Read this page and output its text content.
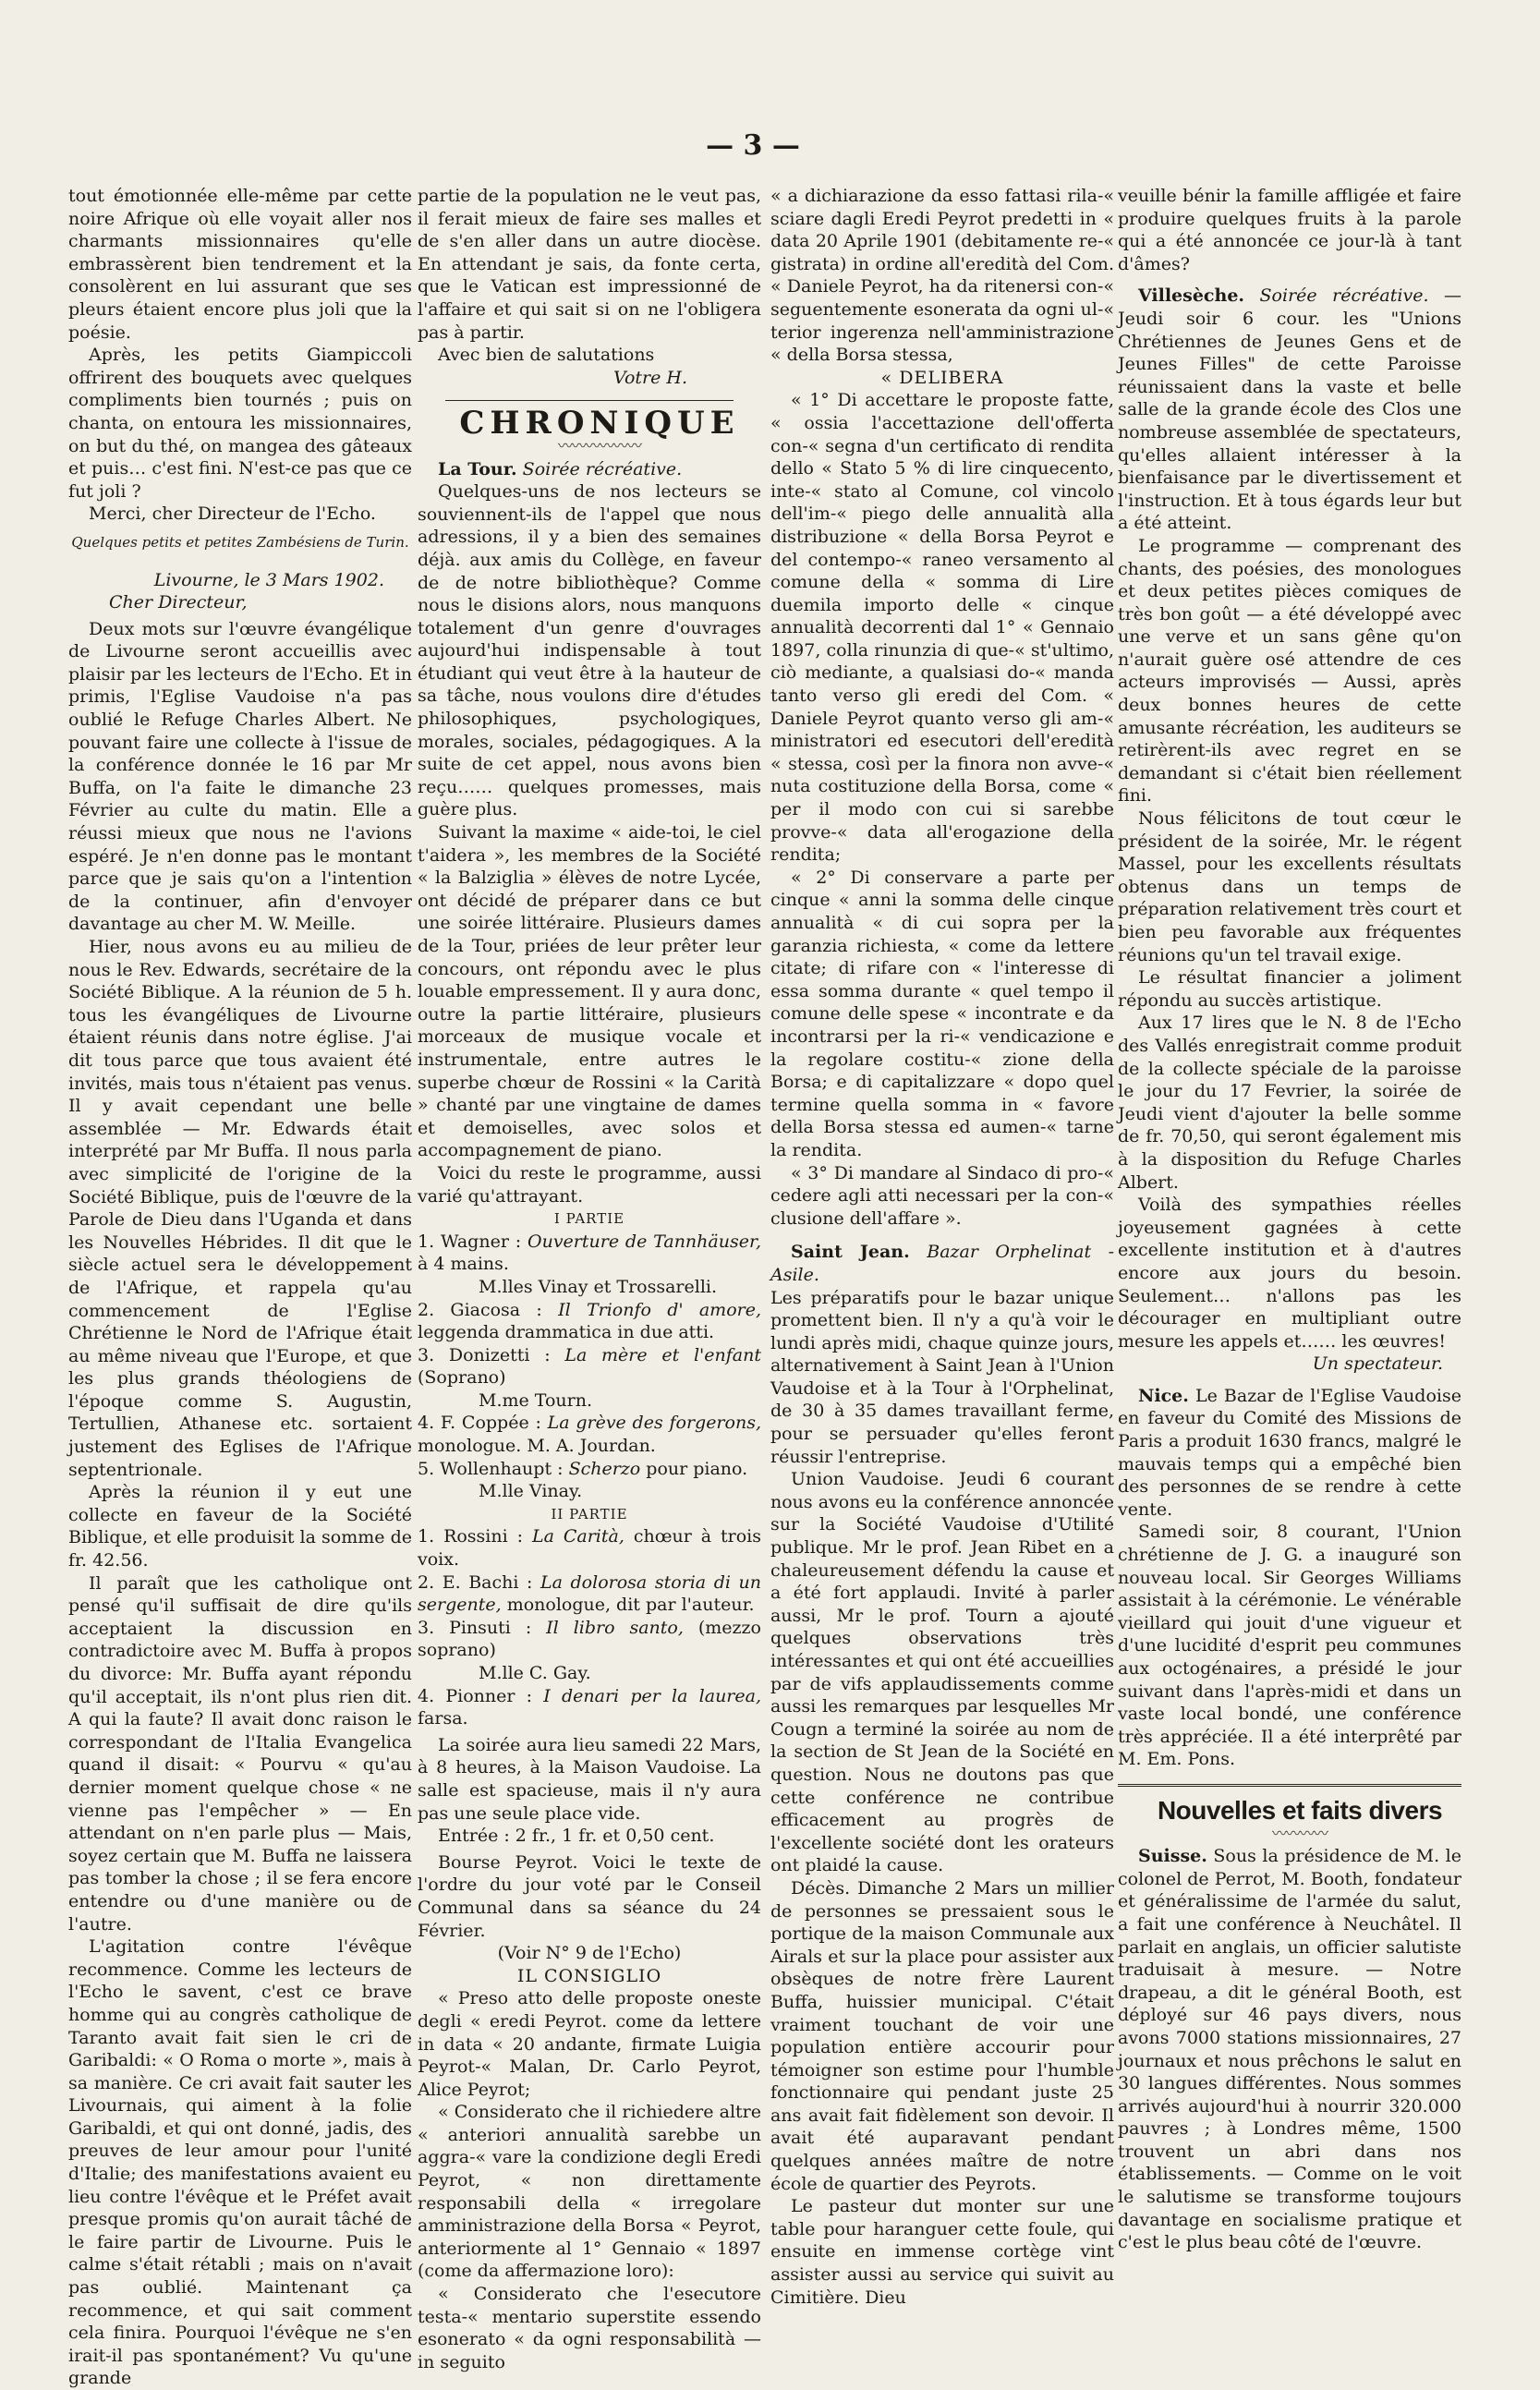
— 3 —

tout émotionnée elle-même par cette noire Afrique où elle voyait aller nos charmants missionnaires qu'elle embrassèrent bien tendrement et la consolèrent en lui assurant que ses pleurs étaient encore plus joli que la poésie.

Après, les petits Giampiccoli offrirent des bouquets avec quelques compliments bien tournés ; puis on chanta, on entoura les missionnaires, on but du thé, on mangea des gâteaux et puis… c'est fini. N'est-ce pas que ce fut joli ?

Merci, cher Directeur de l'Echo.

Quelques petits et petites Zambésiens de Turin.

Livourne, le 3 Mars 1902.

Cher Directeur,

Deux mots sur l'œuvre évangélique de Livourne seront accueillis avec plaisir par les lecteurs de l'Echo. Et in primis, l'Eglise Vaudoise n'a pas oublié le Refuge Charles Albert. Ne pouvant faire une collecte à l'issue de la conférence donnée le 16 par Mr Buffa, on l'a faite le dimanche 23 Février au culte du matin. Elle a réussi mieux que nous ne l'avions espéré. Je n'en donne pas le montant parce que je sais qu'on a l'intention de la continuer, afin d'envoyer davantage au cher M. W. Meille.

Hier, nous avons eu au milieu de nous le Rev. Edwards, secrétaire de la Société Biblique. A la réunion de 5 h. tous les évangéliques de Livourne étaient réunis dans notre église. J'ai dit tous parce que tous avaient été invités, mais tous n'étaient pas venus. Il y avait cependant une belle assemblée — Mr. Edwards était interprété par Mr Buffa. Il nous parla avec simplicité de l'origine de la Société Biblique, puis de l'œuvre de la Parole de Dieu dans l'Uganda et dans les Nouvelles Hébrides. Il dit que le siècle actuel sera le développement de l'Afrique, et rappela qu'au commencement de l'Eglise Chrétienne le Nord de l'Afrique était au même niveau que l'Europe, et que les plus grands théologiens de l'époque comme S. Augustin, Tertullien, Athanese etc. sortaient justement des Eglises de l'Afrique septentrionale.

Après la réunion il y eut une collecte en faveur de la Société Biblique, et elle produisit la somme de fr. 42.56.

Il paraît que les catholique ont pensé qu'il suffisait de dire qu'ils acceptaient la discussion en contradictoire avec M. Buffa à propos du divorce: Mr. Buffa ayant répondu qu'il acceptait, ils n'ont plus rien dit. A qui la faute? Il avait donc raison le correspondant de l'Italia Evangelica quand il disait: « Pourvu « qu'au dernier moment quelque chose « ne vienne pas l'empêcher » — En attendant on n'en parle plus — Mais, soyez certain que M. Buffa ne laissera pas tomber la chose ; il se fera encore entendre ou d'une manière ou de l'autre.

L'agitation contre l'évêque recommence. Comme les lecteurs de l'Echo le savent, c'est ce brave homme qui au congrès catholique de Taranto avait fait sien le cri de Garibaldi: « O Roma o morte », mais à sa manière. Ce cri avait fait sauter les Livournais, qui aiment à la folie Garibaldi, et qui ont donné, jadis, des preuves de leur amour pour l'unité d'Italie; des manifestations avaient eu lieu contre l'évêque et le Préfet avait presque promis qu'on aurait tâché de le faire partir de Livourne. Puis le calme s'était rétabli ; mais on n'avait pas oublié. Maintenant ça recommence, et qui sait comment cela finira. Pourquoi l'évêque ne s'en irait-il pas spontanément? Vu qu'une grande

partie de la population ne le veut pas, il ferait mieux de faire ses malles et de s'en aller dans un autre diocèse. En attendant je sais, da fonte certa, que le Vatican est impressionné de l'affaire et qui sait si on ne l'obligera pas à partir.

Avec bien de salutations

Votre H.

CHRONIQUE

〰〰〰〰〰〰

La Tour. Soirée récréative.

Quelques-uns de nos lecteurs se souviennent-ils de l'appel que nous adressions, il y a bien des semaines déjà. aux amis du Collège, en faveur de de notre bibliothèque? Comme nous le disions alors, nous manquons totalement d'un genre d'ouvrages aujourd'hui indispensable à tout étudiant qui veut être à la hauteur de sa tâche, nous voulons dire d'études philosophiques, psychologiques, morales, sociales, pédagogiques. A la suite de cet appel, nous avons bien reçu…… quelques promesses, mais guère plus.

Suivant la maxime « aide-toi, le ciel t'aidera », les membres de la Société « la Balziglia » élèves de notre Lycée, ont décidé de préparer dans ce but une soirée littéraire. Plusieurs dames de la Tour, priées de leur prêter leur concours, ont répondu avec le plus louable empressement. Il y aura donc, outre la partie littéraire, plusieurs morceaux de musique vocale et instrumentale, entre autres le superbe chœur de Rossini « la Carità » chanté par une vingtaine de dames et demoiselles, avec solos et accompagnement de piano.

Voici du reste le programme, aussi varié qu'attrayant.

I PARTIE

1. Wagner : Ouverture de Tannhäuser, à 4 mains.
M.lles Vinay et Trossarelli.

2. Giacosa : Il Trionfo d' amore, leggenda drammatica in due atti.

3. Donizetti : La mère et l'enfant (Soprano)
M.me Tourn.

4. F. Coppée : La grève des forgerons, monologue. M. A. Jourdan.

5. Wollenhaupt : Scherzo pour piano.
M.lle Vinay.

II PARTIE

1. Rossini : La Carità, chœur à trois voix.

2. E. Bachi : La dolorosa storia di un sergente, monologue, dit par l'auteur.

3. Pinsuti : Il libro santo, (mezzo soprano)
M.lle C. Gay.

4. Pionner : I denari per la laurea, farsa.

La soirée aura lieu samedi 22 Mars, à 8 heures, à la Maison Vaudoise. La salle est spacieuse, mais il n'y aura pas une seule place vide.

Entrée : 2 fr., 1 fr. et 0,50 cent.

Bourse Peyrot. Voici le texte de l'ordre du jour voté par le Conseil Communal dans sa séance du 24 Février.

(Voir N° 9 de l'Echo)

IL CONSIGLIO

« Preso atto delle proposte oneste degli « eredi Peyrot. come da lettere in data « 20 andante, firmate Luigia Peyrot-« Malan, Dr. Carlo Peyrot, Alice Peyrot;

« Considerato che il richiedere altre « anteriori annualità sarebbe un aggra-« vare la condizione degli Eredi Peyrot, « non direttamente responsabili della « irregolare amministrazione della Borsa « Peyrot, anteriormente al 1° Gennaio « 1897 (come da affermazione loro):

« Considerato che l'esecutore testa-« mentario superstite essendo esonerato « da ogni responsabilità — in seguito

« a dichiarazione da esso fattasi rila-« sciare dagli Eredi Peyrot predetti in « data 20 Aprile 1901 (debitamente re-« gistrata) in ordine all'eredità del Com. « Daniele Peyrot, ha da ritenersi con-« seguentemente esonerata da ogni ul-« terior ingerenza nell'amministrazione « della Borsa stessa,

« DELIBERA

« 1° Di accettare le proposte fatte, « ossia l'accettazione dell'offerta con-« segna d'un certificato di rendita dello « Stato 5 % di lire cinquecento, inte-« stato al Comune, col vincolo dell'im-« piego delle annualità alla distribuzione « della Borsa Peyrot e del contempo-« raneo versamento al comune della « somma di Lire duemila importo delle « cinque annualità decorrenti dal 1° « Gennaio 1897, colla rinunzia di que-« st'ultimo, ciò mediante, a qualsiasi do-« manda tanto verso gli eredi del Com. « Daniele Peyrot quanto verso gli am-« ministratori ed esecutori dell'eredità « stessa, così per la finora non avve-« nuta costituzione della Borsa, come « per il modo con cui si sarebbe provve-« data all'erogazione della rendita;

« 2° Di conservare a parte per cinque « anni la somma delle cinque annualità « di cui sopra per la garanzia richiesta, « come da lettere citate; di rifare con « l'interesse di essa somma durante « quel tempo il comune delle spese « incontrate e da incontrarsi per la ri-« vendicazione e la regolare costitu-« zione della Borsa; e di capitalizzare « dopo quel termine quella somma in « favore della Borsa stessa ed aumen-« tarne la rendita.

« 3° Di mandare al Sindaco di pro-« cedere agli atti necessari per la con-« clusione dell'affare ».

Saint Jean. Bazar Orphelinat - Asile.

Les préparatifs pour le bazar unique promettent bien. Il n'y a qu'à voir le lundi après midi, chaque quinze jours, alternativement à Saint Jean à l'Union Vaudoise et à la Tour à l'Orphelinat, de 30 à 35 dames travaillant ferme, pour se persuader qu'elles feront réussir l'entreprise.

Union Vaudoise. Jeudi 6 courant nous avons eu la conférence annoncée sur la Société Vaudoise d'Utilité publique. Mr le prof. Jean Ribet en a chaleureusement défendu la cause et a été fort applaudi. Invité à parler aussi, Mr le prof. Tourn a ajouté quelques observations très intéressantes et qui ont été accueillies par de vifs applaudissements comme aussi les remarques par lesquelles Mr Cougn a terminé la soirée au nom de la section de St Jean de la Société en question. Nous ne doutons pas que cette conférence ne contribue efficacement au progrès de l'excellente société dont les orateurs ont plaidé la cause.

Décès. Dimanche 2 Mars un millier de personnes se pressaient sous le portique de la maison Communale aux Airals et sur la place pour assister aux obsèques de notre frère Laurent Buffa, huissier municipal. C'était vraiment touchant de voir une population entière accourir pour témoigner son estime pour l'humble fonctionnaire qui pendant juste 25 ans avait fait fidèlement son devoir. Il avait été auparavant pendant quelques années maître de notre école de quartier des Peyrots.

Le pasteur dut monter sur une table pour haranguer cette foule, qui ensuite en immense cortège vint assister aussi au service qui suivit au Cimitière. Dieu

veuille bénir la famille affligée et faire produire quelques fruits à la parole qui a été annoncée ce jour-là à tant d'âmes?

Villesèche. Soirée récréative. — Jeudi soir 6 cour. les "Unions Chrétiennes de Jeunes Gens et de Jeunes Filles" de cette Paroisse réunissaient dans la vaste et belle salle de la grande école des Clos une nombreuse assemblée de spectateurs, qu'elles allaient intéresser à la bienfaisance par le divertissement et l'instruction. Et à tous égards leur but a été atteint.

Le programme — comprenant des chants, des poésies, des monologues et deux petites pièces comiques de très bon goût — a été développé avec une verve et un sans gêne qu'on n'aurait guère osé attendre de ces acteurs improvisés — Aussi, après deux bonnes heures de cette amusante récréation, les auditeurs se retirèrent-ils avec regret en se demandant si c'était bien réellement fini.

Nous félicitons de tout cœur le président de la soirée, Mr. le régent Massel, pour les excellents résultats obtenus dans un temps de préparation relativement très court et bien peu favorable aux fréquentes réunions qu'un tel travail exige.

Le résultat financier a joliment répondu au succès artistique.

Aux 17 lires que le N. 8 de l'Echo des Vallés enregistrait comme produit de la collecte spéciale de la paroisse le jour du 17 Fevrier, la soirée de Jeudi vient d'ajouter la belle somme de fr. 70,50, qui seront également mis à la disposition du Refuge Charles Albert.

Voilà des sympathies réelles joyeusement gagnées à cette excellente institution et à d'autres encore aux jours du besoin. Seulement… n'allons pas les décourager en multipliant outre mesure les appels et…… les œuvres!

Un spectateur.

Nice. Le Bazar de l'Eglise Vaudoise en faveur du Comité des Missions de Paris a produit 1630 francs, malgré le mauvais temps qui a empêché bien des personnes de se rendre à cette vente.

Samedi soir, 8 courant, l'Union chrétienne de J. G. a inauguré son nouveau local. Sir Georges Williams assistait à la cérémonie. Le vénérable vieillard qui jouit d'une vigueur et d'une lucidité d'esprit peu communes aux octogénaires, a présidé le jour suivant dans l'après-midi et dans un vaste local bondé, une conférence très appréciée. Il a été interprêté par M. Em. Pons.

Nouvelles et faits divers

〰〰〰〰

Suisse. Sous la présidence de M. le colonel de Perrot, M. Booth, fondateur et généralissime de l'armée du salut, a fait une conférence à Neuchâtel. Il parlait en anglais, un officier salutiste traduisait à mesure. — Notre drapeau, a dit le général Booth, est déployé sur 46 pays divers, nous avons 7000 stations missionnaires, 27 journaux et nous prêchons le salut en 30 langues différentes. Nous sommes arrivés aujourd'hui à nourrir 320.000 pauvres ; à Londres même, 1500 trouvent un abri dans nos établissements. — Comme on le voit le salutisme se transforme toujours davantage en socialisme pratique et c'est le plus beau côté de l'œuvre.
